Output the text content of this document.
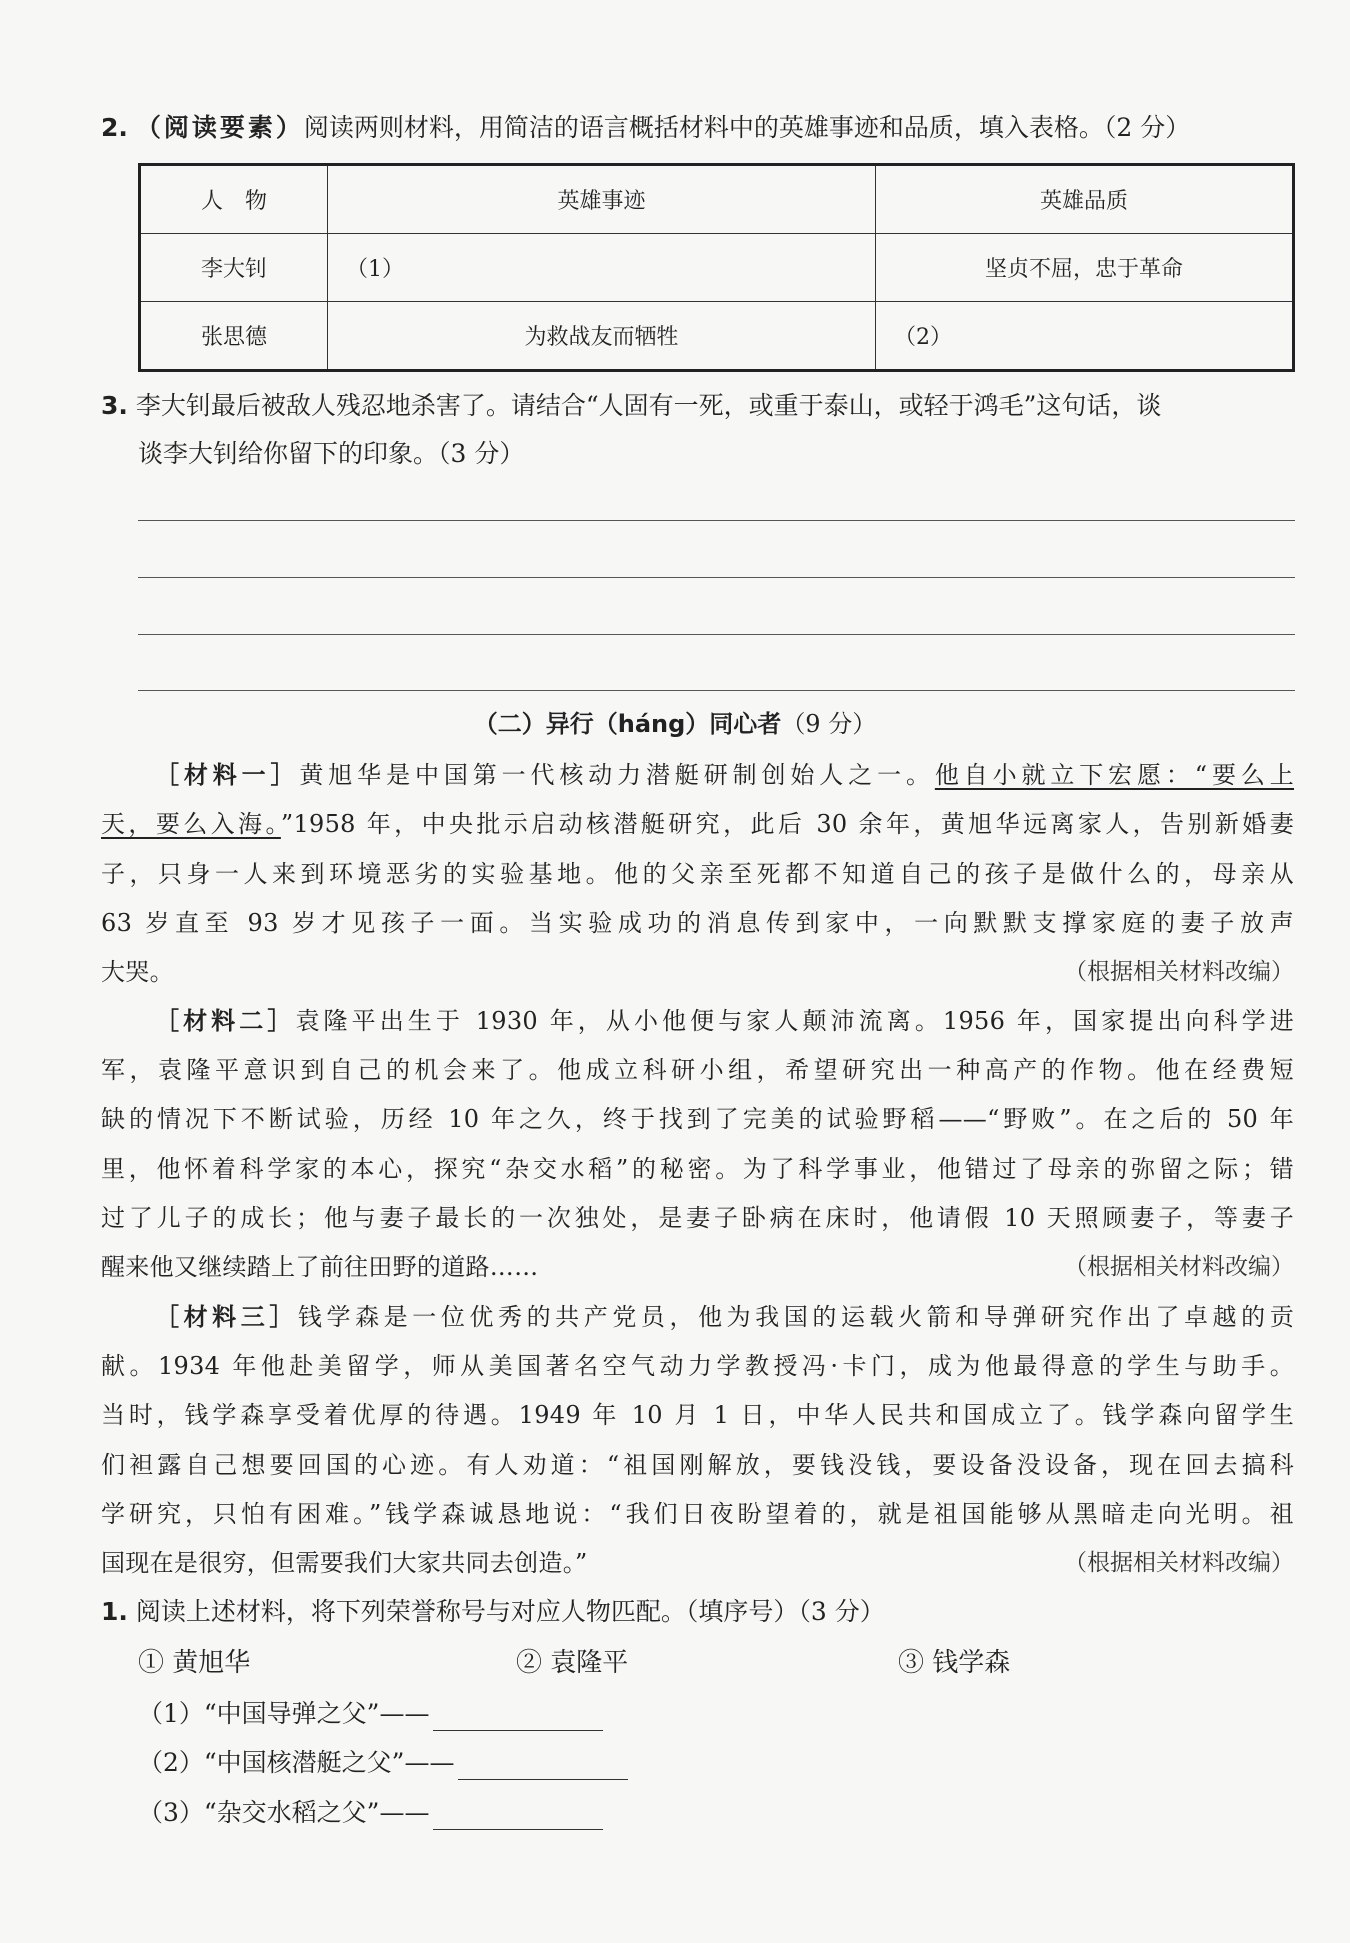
2. （阅读要素）阅读两则材料，用简洁的语言概括材料中的英雄事迹和品质，填入表格。（2 分）
人　物	英雄事迹	英雄品质
李大钊	（1）	坚贞不屈，忠于革命
张思德	为救战友而牺牲	（2）
3. 李大钊最后被敌人残忍地杀害了。请结合“人固有一死，或重于泰山，或轻于鸿毛”这句话，谈
谈李大钊给你留下的印象。（3 分）
（二）异行（háng）同心者（9 分）
［材料一］黄旭华是中国第一代核动力潜艇研制创始人之一。他自小就立下宏愿：“要么上
天，要么入海。”1958 年，中央批示启动核潜艇研究，此后 30 余年，黄旭华远离家人，告别新婚妻
子，只身一人来到环境恶劣的实验基地。他的父亲至死都不知道自己的孩子是做什么的，母亲从
63 岁直至 93 岁才见孩子一面。当实验成功的消息传到家中，一向默默支撑家庭的妻子放声
大哭。	（根据相关材料改编）
［材料二］袁隆平出生于 1930 年，从小他便与家人颠沛流离。1956 年，国家提出向科学进
军，袁隆平意识到自己的机会来了。他成立科研小组，希望研究出一种高产的作物。他在经费短
缺的情况下不断试验，历经 10 年之久，终于找到了完美的试验野稻——“野败”。在之后的 50 年
里，他怀着科学家的本心，探究“杂交水稻”的秘密。为了科学事业，他错过了母亲的弥留之际；错
过了儿子的成长；他与妻子最长的一次独处，是妻子卧病在床时，他请假 10 天照顾妻子，等妻子
醒来他又继续踏上了前往田野的道路……	（根据相关材料改编）
［材料三］钱学森是一位优秀的共产党员，他为我国的运载火箭和导弹研究作出了卓越的贡
献。1934 年他赴美留学，师从美国著名空气动力学教授冯·卡门，成为他最得意的学生与助手。
当时，钱学森享受着优厚的待遇。1949 年 10 月 1 日，中华人民共和国成立了。钱学森向留学生
们袒露自己想要回国的心迹。有人劝道：“祖国刚解放，要钱没钱，要设备没设备，现在回去搞科
学研究，只怕有困难。”钱学森诚恳地说：“我们日夜盼望着的，就是祖国能够从黑暗走向光明。祖
国现在是很穷，但需要我们大家共同去创造。”	（根据相关材料改编）
1. 阅读上述材料，将下列荣誉称号与对应人物匹配。（填序号）（3 分）
① 黄旭华	② 袁隆平	③ 钱学森
（1）“中国导弹之父”——
（2）“中国核潜艇之父”——
（3）“杂交水稻之父”——
